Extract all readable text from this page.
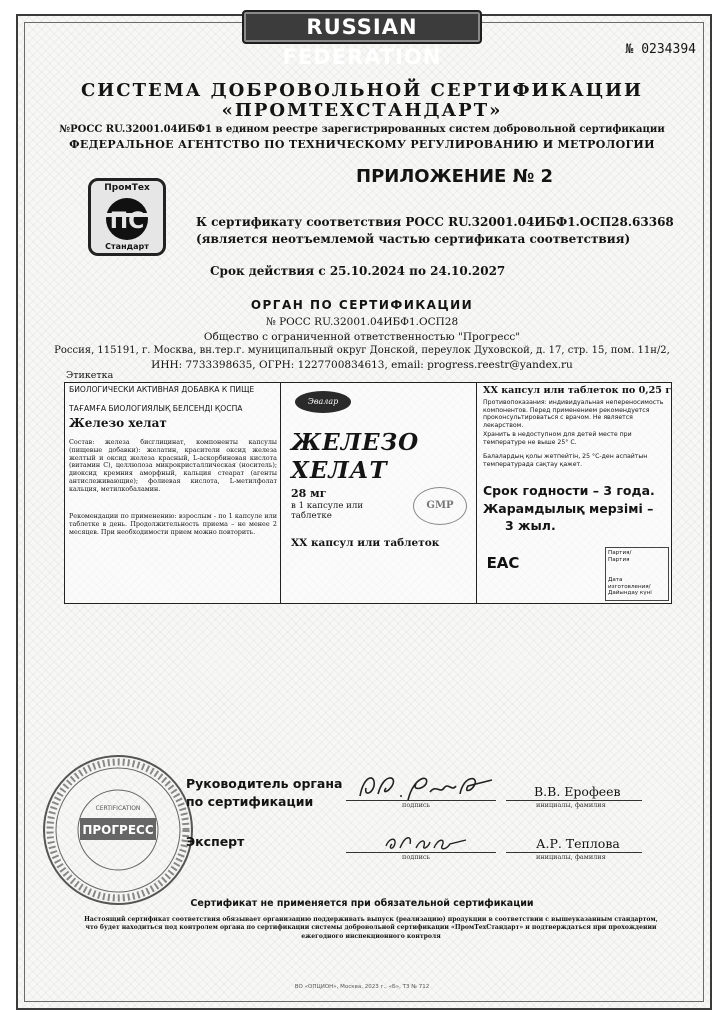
RUSSIAN FEDERATION	№ 0234394
СИСТЕМА ДОБРОВОЛЬНОЙ СЕРТИФИКАЦИИ
«ПРОМТЕХСТАНДАРТ»
№РОСС RU.32001.04ИБФ1 в едином реестре зарегистрированных систем добровольной сертификации
ФЕДЕРАЛЬНОЕ АГЕНТСТВО ПО ТЕХНИЧЕСКОМУ РЕГУЛИРОВАНИЮ И МЕТРОЛОГИИ
ПромТех
ПС
Стандарт
ПРИЛОЖЕНИЕ № 2
К сертификату соответствия РОСС RU.32001.04ИБФ1.ОСП28.63368
(является неотъемлемой частью сертификата соответствия)
Срок действия с 25.10.2024 по 24.10.2027
ОРГАН ПО СЕРТИФИКАЦИИ
№ РОСС RU.32001.04ИБФ1.ОСП28
Общество с ограниченной ответственностью "Прогресс"
Россия, 115191, г. Москва, вн.тер.г. муниципальный округ Донской, переулок Духовской, д. 17, стр. 15, пом. 11н/2,
ИНН: 7733398635, ОГРН: 1227700834613, email: progress.reestr@yandex.ru
Этикетка
БИОЛОГИЧЕСКИ АКТИВНАЯ ДОБАВКА К ПИЩЕ
ТАҒАМҒА БИОЛОГИЯЛЫҚ БЕЛСЕНДІ ҚОСПА
Железо хелат
Состав: железа бисглицинат, компоненты капсулы (пищевые добавки): желатин, красители оксид железа желтый и оксид железа красный, L-аскорбиновая кислота (витамин С), целлюлоза микрокристаллическая (носитель); диоксид кремния аморфный, кальция стеарат (агенты антислеживающие); фолиевая кислота, L-метилфолат кальция, метилкобаламин.
Рекомендации по применению: взрослым - по 1 капсуле или таблетке в день. Продолжительность приема – не менее 2 месяцев. При необходимости прием можно повторить.
Эвалар
ЖЕЛЕЗО
ХЕЛАТ
28 мг
в 1 капсуле или таблетке
GMP
XX капсул или таблеток
XX капсул или таблеток по 0,25 г
Противопоказания: индивидуальная непереносимость компонентов. Перед применением рекомендуется проконсультироваться с врачом. Не является лекарством.
Хранить в недоступном для детей месте при температуре не выше 25° С.
Балалардың қолы жетпейтін, 25 °С-ден аспайтын температурада сақтау қажет.
Срок годности – 3 года.
Жарамдылық мерзімі –
3 жыл.
EAC
Партия/
Партия
Дата изготовления/
Дайындау күні
ПРОГРЕСС
CERTIFICATION
Руководитель органа
по сертификации	подпись
В.В. Ерофеев
инициалы, фамилия
Эксперт
подпись
А.Р. Теплова
инициалы, фамилия
Сертификат не применяется при обязательной сертификации
Настоящий сертификат соответствия обязывает организацию поддерживать выпуск (реализацию) продукции в соответствии с вышеуказанным стандартом, что будет находиться под контролем органа по сертификации системы добровольной сертификации «ПромТехСтандарт» и подтверждаться при прохождении ежегодного инспекционного контроля
ВО «ОПЦИОН», Москва, 2023 г., «Б», ТЗ № 712
